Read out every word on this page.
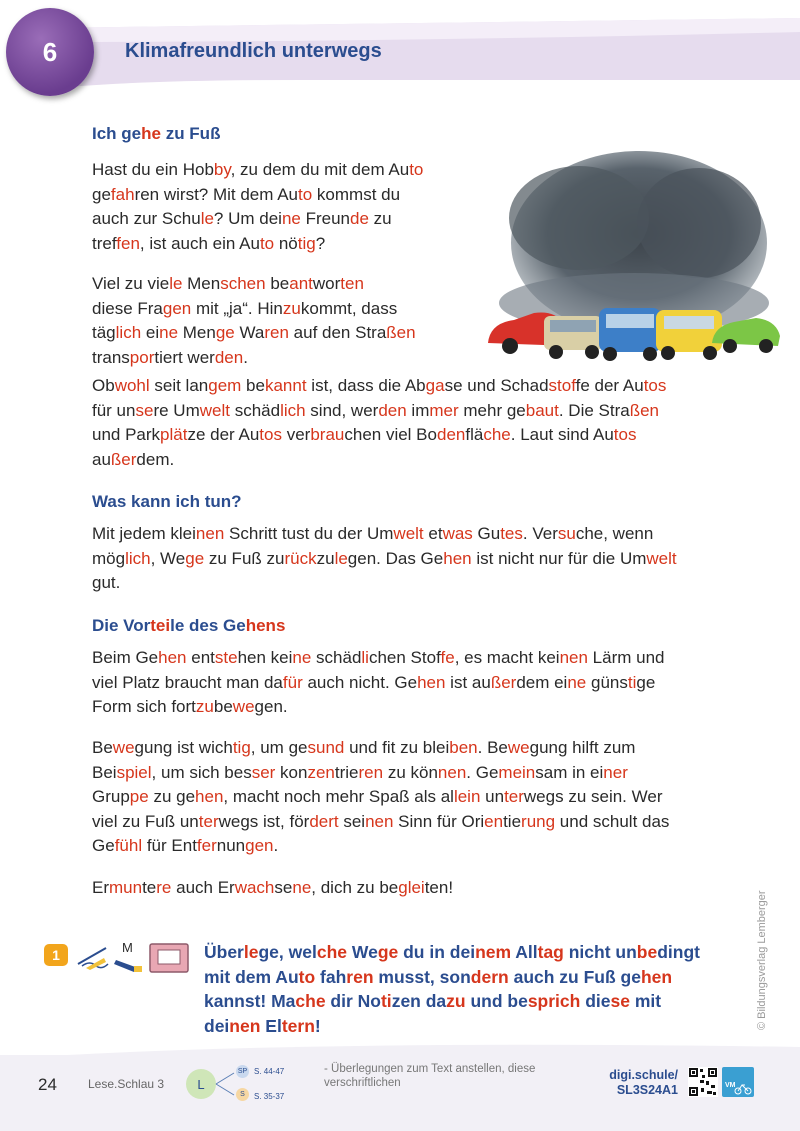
6	Klimafreundlich unterwegs
Ich gehe zu Fuß
Hast du ein Hobby, zu dem du mit dem Auto
gefahren wirst? Mit dem Auto kommst du
auch zur Schule? Um deine Freunde zu
treffen, ist auch ein Auto nötig?
Viel zu viele Menschen beantworten
diese Fragen mit „ja“. Hinzukommt, dass
täglich eine Menge Waren auf den Straßen
transportiert werden.
Obwohl seit langem bekannt ist, dass die Abgase und Schadstoffe der Autos
für unsere Umwelt schädlich sind, werden immer mehr gebaut. Die Straßen
und Parkplätze der Autos verbrauchen viel Bodenfläche. Laut sind Autos
außerdem.
Was kann ich tun?
Mit jedem kleinen Schritt tust du der Umwelt etwas Gutes. Versuche, wenn
möglich, Wege zu Fuß zurückzulegen. Das Gehen ist nicht nur für die Umwelt
gut.
Die Vorteile des Gehens
Beim Gehen entstehen keine schädlichen Stoffe, es macht keinen Lärm und
viel Platz braucht man dafür auch nicht. Gehen ist außerdem eine günstige
Form sich fortzubewegen.
Bewegung ist wichtig, um gesund und fit zu bleiben. Bewegung hilft zum
Beispiel, um sich besser konzentrieren zu können. Gemeinsam in einer
Gruppe zu gehen, macht noch mehr Spaß als allein unterwegs zu sein. Wer
viel zu Fuß unterwegs ist, fördert seinen Sinn für Orientierung und schult das
Gefühl für Entfernungen.
Ermuntere auch Erwachsene, dich zu begleiten!
© Bildungsverlag Lemberger
1	M	Überlege, welche Wege du in deinem Alltag nicht unbedingt
mit dem Auto fahren musst, sondern auch zu Fuß gehen
kannst! Mache dir Notizen dazu und besprich diese mit
deinen Eltern!
24	Lese.Schlau 3	L
SP S. 44-47
S	S. 35-37
- Überlegungen zum Text anstellen, diese verschriftlichen
digi.schule/
SL3S24A1	VM
